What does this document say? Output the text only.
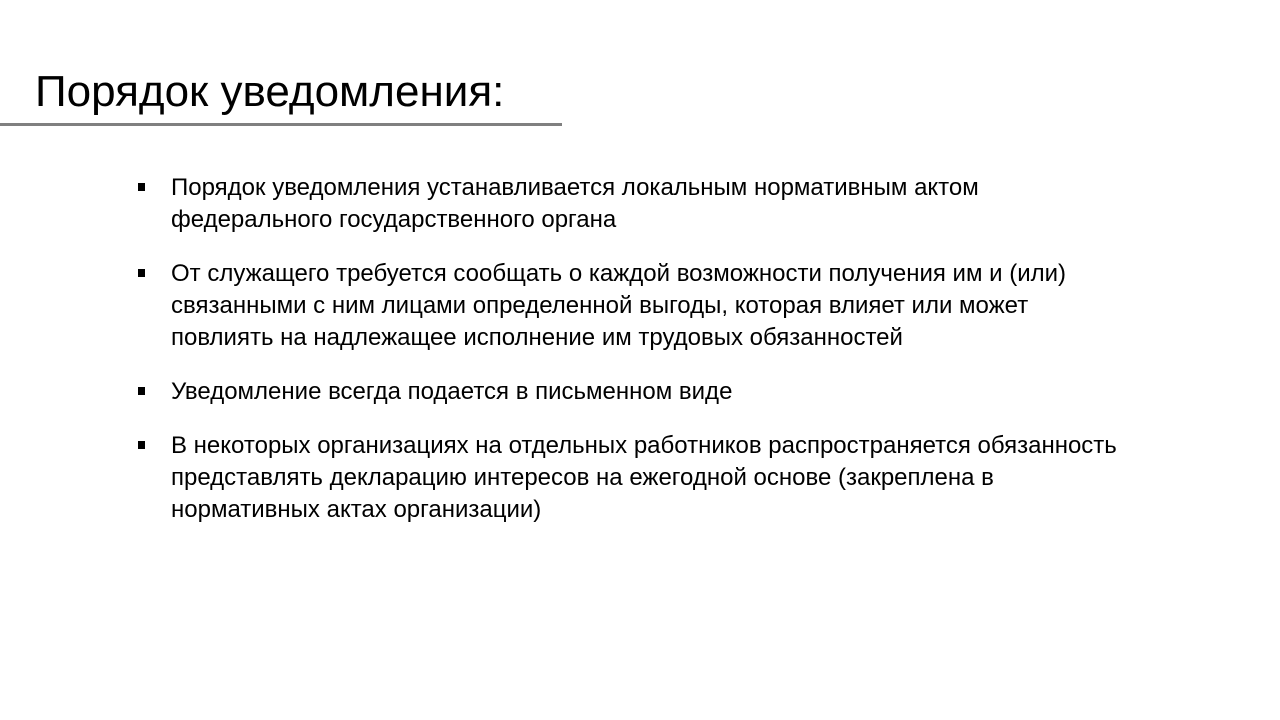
Порядок уведомления:
Порядок уведомления устанавливается локальным нормативным актом
федерального государственного органа
От служащего требуется сообщать о каждой возможности получения им и (или)
связанными с ним лицами определенной выгоды, которая влияет или может
повлиять на надлежащее исполнение им трудовых обязанностей
Уведомление всегда подается в письменном виде
В некоторых организациях на отдельных работников распространяется обязанность
представлять декларацию интересов на ежегодной основе (закреплена в
нормативных актах организации)
